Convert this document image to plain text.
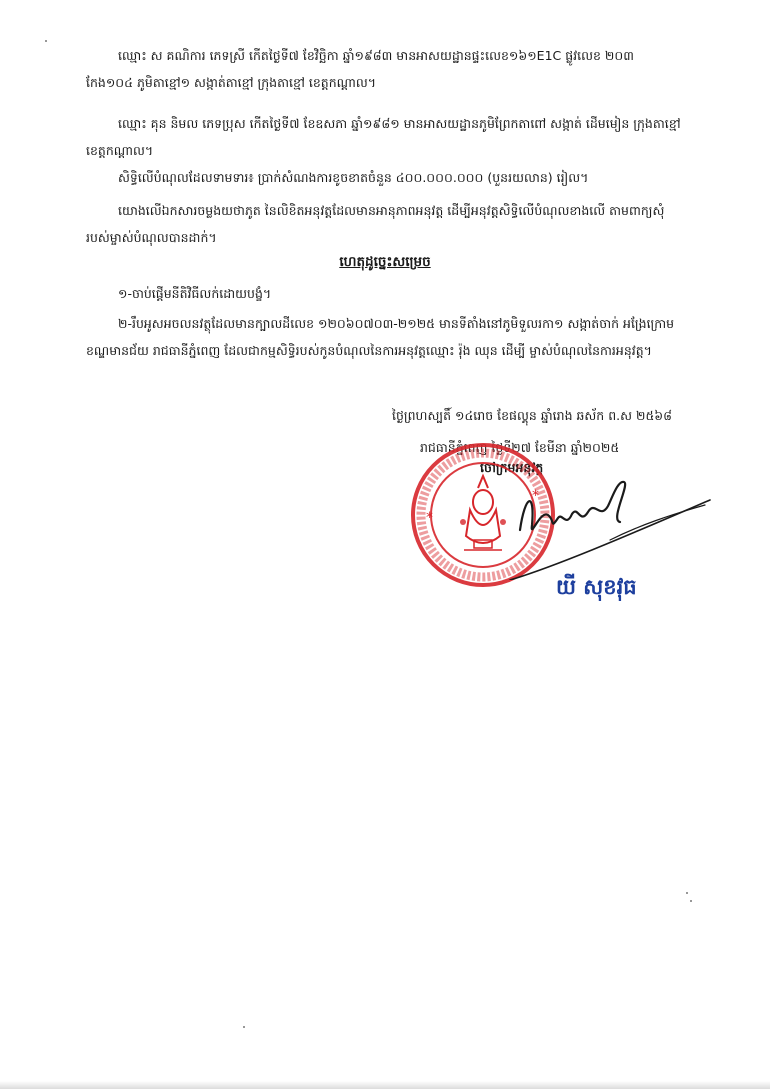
ឈ្មោះ ស គណិការ ភេទស្រី កើតថ្ងៃទី៧ ខែវិច្ឆិកា ឆ្នាំ១៩៨៣ មានអាសយដ្ឋានផ្ទះលេខ១៦១E1C ផ្លូវលេខ ២០៣ កែង១០៤ ភូមិតាខ្មៅ១ សង្កាត់តាខ្មៅ ក្រុងតាខ្មៅ ខេត្តកណ្តាល។

ឈ្មោះ គុន និមល ភេទប្រុស កើតថ្ងៃទី៧ ខែឧសភា ឆ្នាំ១៩៨១ មានអាសយដ្ឋានភូមិព្រែកតាពៅ សង្កាត់ ដើមមៀន ក្រុងតាខ្មៅ ខេត្តកណ្តាល។

សិទ្ធិលើបំណុលដែលទាមទារ៖ ប្រាក់សំណងការខូចខាតចំនួន ៤០០.០០០.០០០ (បួនរយលាន) រៀល។

យោងលើឯកសារចម្លងយថាភូត នៃលិខិតអនុវត្តដែលមានអានុភាពអនុវត្ត ដើម្បីអនុវត្តសិទ្ធិលើបំណុលខាងលើ តាមពាក្យសុំរបស់ម្ចាស់បំណុលបានដាក់។

ហេតុដូច្នេះសម្រេច

១-ចាប់ផ្តើមនីតិវិធីលក់ដោយបង្ខំ។

២-រឹបអូសអចលនវត្ថុដែលមានក្បាលដីលេខ ១២០៦០៧០៣-២១២៥ មានទីតាំងនៅភូមិទួលរកា១ សង្កាត់ចាក់ អង្រែក្រោម ខណ្ឌមានជ័យ រាជធានីភ្នំពេញ ដែលជាកម្មសិទ្ធិរបស់កូនបំណុលនៃការអនុវត្តឈ្មោះ រ៉ុង ឈុន ដើម្បី ម្ចាស់បំណុលនៃការអនុវត្ត។

ថ្ងៃព្រហស្បតិ៍ ១៤រោច ខែផល្គុន ឆ្នាំរោង ឆស័ក ព.ស ២៥៦៨
រាជធានីភ្នំពេញ ថ្ងៃទី២៧ ខែមីនា ឆ្នាំ២០២៥
ចៅក្រមអនុវត្ត
*
*
យី សុខវុធ
